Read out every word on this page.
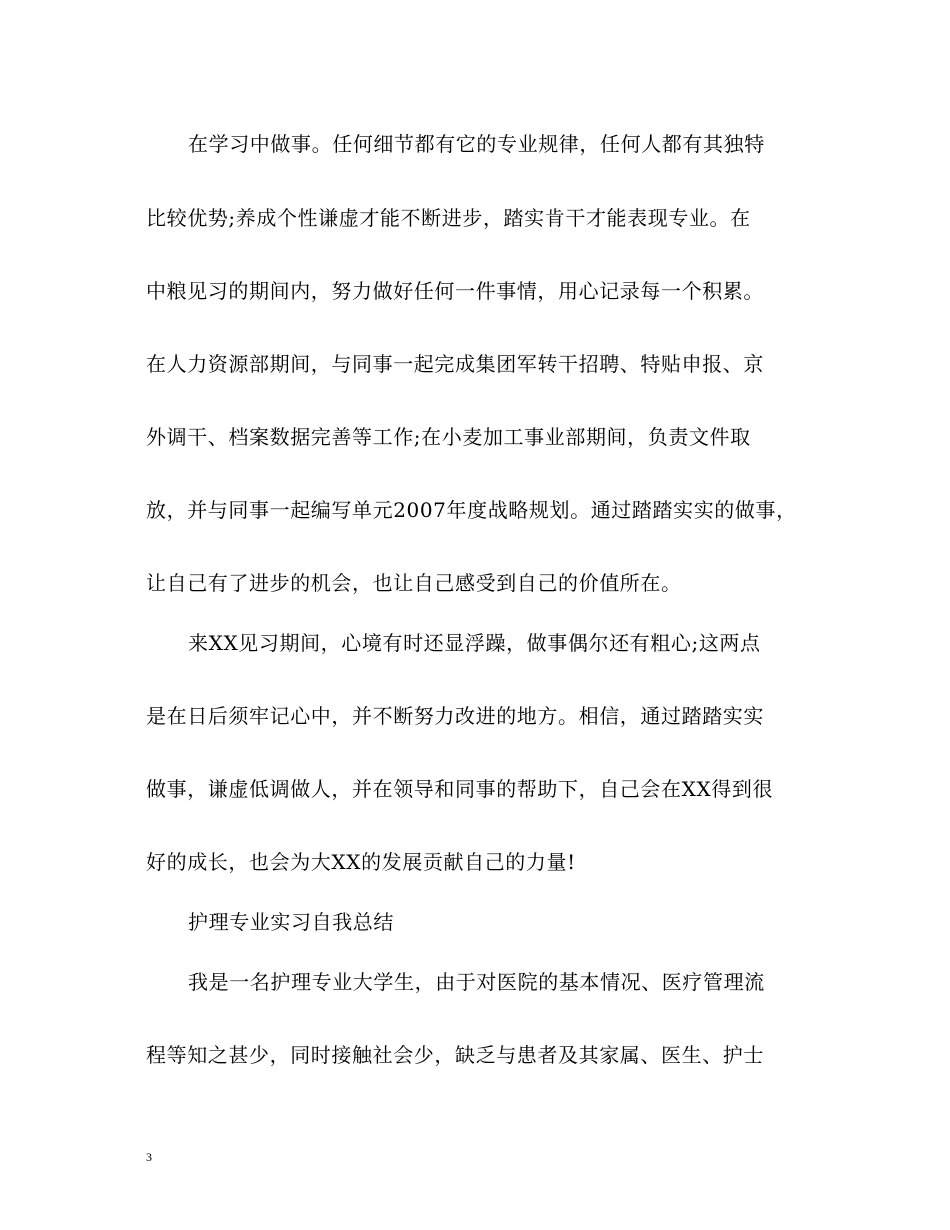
在学习中做事。任何细节都有它的专业规律，任何人都有其独特
比较优势;养成个性谦虚才能不断进步，踏实肯干才能表现专业。在
中粮见习的期间内，努力做好任何一件事情，用心记录每一个积累。
在人力资源部期间，与同事一起完成集团军转干招聘、特贴申报、京
外调干、档案数据完善等工作;在小麦加工事业部期间，负责文件取
放，并与同事一起编写单元2007年度战略规划。通过踏踏实实的做事，
让自己有了进步的机会，也让自己感受到自己的价值所在。
来XX见习期间，心境有时还显浮躁，做事偶尔还有粗心;这两点
是在日后须牢记心中，并不断努力改进的地方。相信，通过踏踏实实
做事，谦虚低调做人，并在领导和同事的帮助下，自己会在XX得到很
好的成长，也会为大XX的发展贡献自己的力量!
护理专业实习自我总结
我是一名护理专业大学生，由于对医院的基本情况、医疗管理流
程等知之甚少，同时接触社会少，缺乏与患者及其家属、医生、护士
3
